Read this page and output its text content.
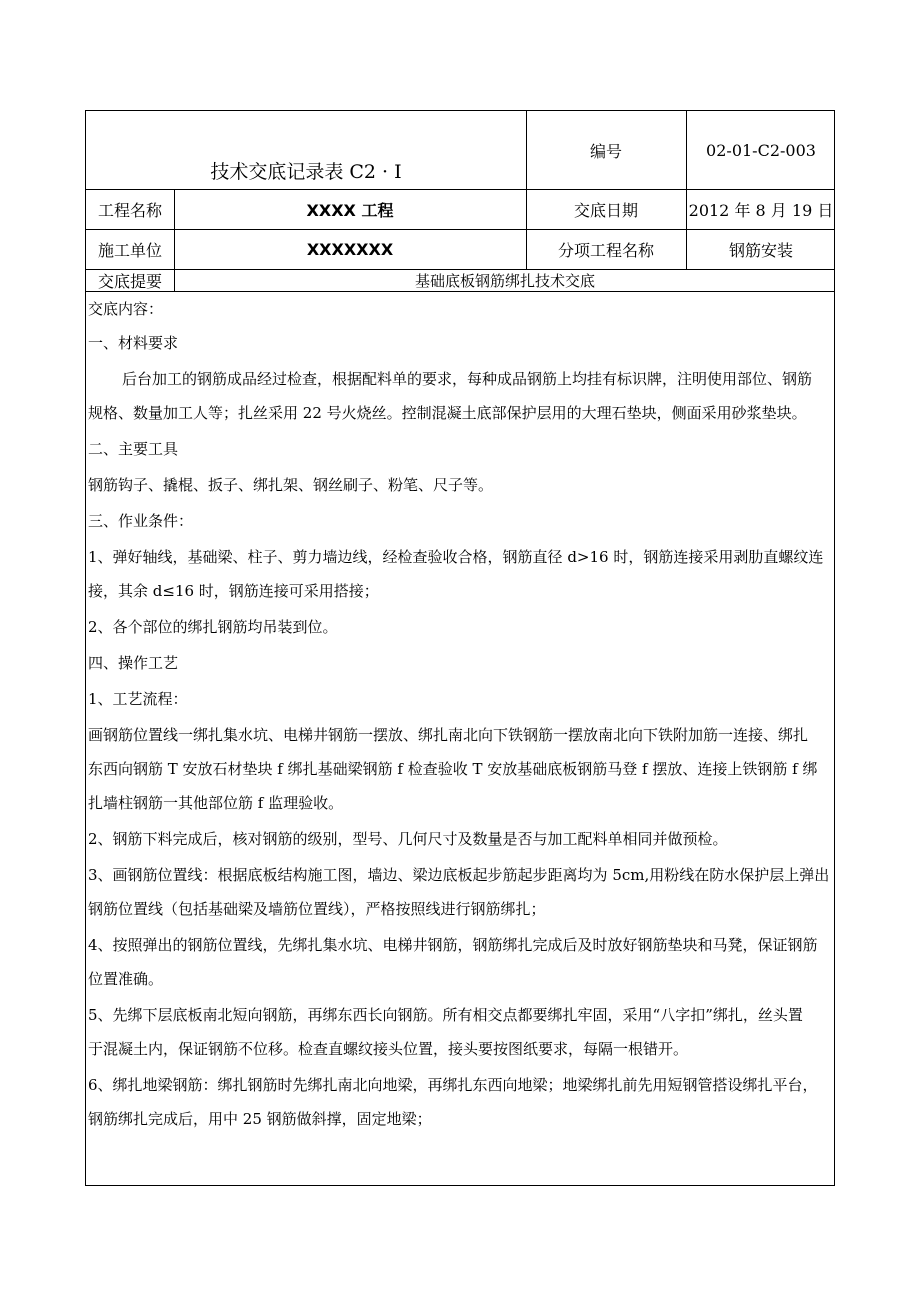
技术交底记录表 C2 · I
编号	02-01-C2-003
工程名称	XXXX 工程	交底日期	2012 年 8 月 19 日
施工单位	XXXXXXX	分项工程名称	钢筋安装
交底提要	基础底板钢筋绑扎技术交底
交底内容：
一、材料要求
后台加工的钢筋成品经过检查，根据配料单的要求，每种成品钢筋上均挂有标识牌，注明使用部位、钢筋
规格、数量加工人等；扎丝采用 22 号火烧丝。控制混凝土底部保护层用的大理石垫块，侧面采用砂浆垫块。
二、主要工具
钢筋钩子、撬棍、扳子、绑扎架、钢丝刷子、粉笔、尺子等。
三、作业条件：
1、弹好轴线，基础梁、柱子、剪力墙边线，经检查验收合格，钢筋直径 d>16 时，钢筋连接采用剥肋直螺纹连
接，其余 d≤16 时，钢筋连接可采用搭接；
2、各个部位的绑扎钢筋均吊装到位。
四、操作工艺
1、工艺流程：
画钢筋位置线一绑扎集水坑、电梯井钢筋一摆放、绑扎南北向下铁钢筋一摆放南北向下铁附加筋一连接、绑扎
东西向钢筋 T 安放石材垫块 f 绑扎基础梁钢筋 f 检查验收 T 安放基础底板钢筋马登 f 摆放、连接上铁钢筋 f 绑
扎墙柱钢筋一其他部位筋 f 监理验收。
2、钢筋下料完成后，核对钢筋的级别，型号、几何尺寸及数量是否与加工配料单相同并做预检。
3、画钢筋位置线：根据底板结构施工图，墙边、梁边底板起步筋起步距离均为 5cm,用粉线在防水保护层上弹出
钢筋位置线（包括基础梁及墙筋位置线），严格按照线进行钢筋绑扎；
4、按照弹出的钢筋位置线，先绑扎集水坑、电梯井钢筋，钢筋绑扎完成后及时放好钢筋垫块和马凳，保证钢筋
位置准确。
5、先绑下层底板南北短向钢筋，再绑东西长向钢筋。所有相交点都要绑扎牢固，采用“八字扣”绑扎，丝头置
于混凝土内，保证钢筋不位移。检查直螺纹接头位置，接头要按图纸要求，每隔一根错开。
6、绑扎地梁钢筋：绑扎钢筋时先绑扎南北向地梁，再绑扎东西向地梁；地梁绑扎前先用短钢管搭设绑扎平台，
钢筋绑扎完成后，用中 25 钢筋做斜撑，固定地梁；
